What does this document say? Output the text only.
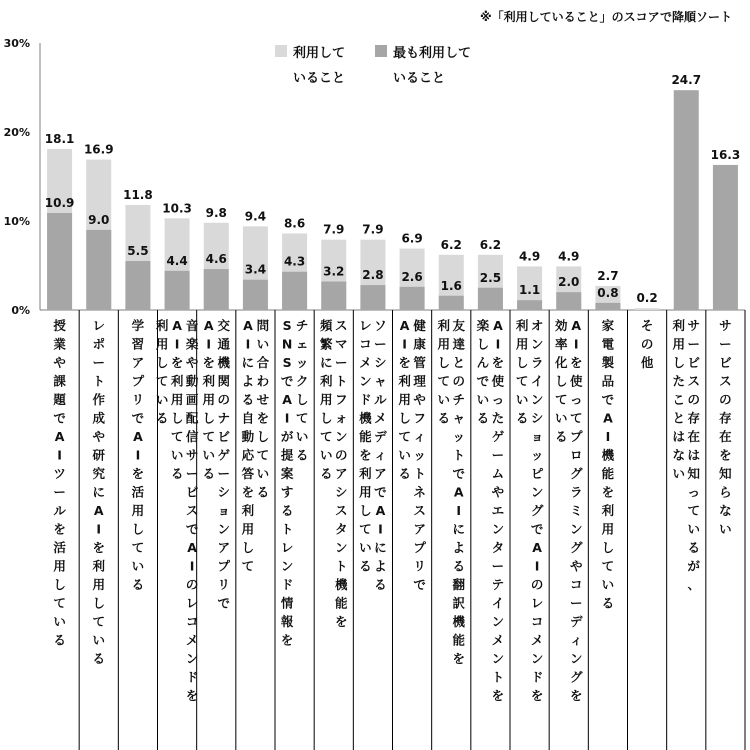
※「利用していること」のスコアで降順ソート
0%
10%
20%
30%
18.1
10.9
16.9
9.0
11.8
5.5
10.3
4.4
9.8
4.6
9.4
3.4
8.6
4.3
7.9
3.2
7.9
2.8
6.9
2.6
6.2
1.6
6.2
2.5
4.9
1.1
4.9
2.0 2.7
0.8 0.2
24.7
16.3
授業や課題で A I ツールを活用している
レポート作成や研究に A I を利用している
学習アプリで A I を活用している
利用している
A I を利用している
音楽や動画配信サービスで A I のレコメンドを
A I を利用している
交通機関のナビゲーションアプリで
A I による自動応答を利用して
問い合わせをしている
S N S で A I が提案するトレンド情報を
チェックしている
頻繁に利用している
スマートフォンのアシスタント機能を
レコメンド機能を利用している
ソーシャルメディアで A I による
A I を利用している
健康管理やフィットネスアプリで
利用している
友達とのチャットで A I による翻訳機能を
楽しんでいる
A I を使ったゲームやエンターテインメントを
利用している
オンラインショッピングで A I のレコメンドを
効率化している
A I を使ってプログラミングやコーディングを
家電製品で A I 機能を利用している
その他
利用したことはない
サービスの存在は知っているが、
サービスの存在を知らない
利用して
いること
最も利用して
いること
